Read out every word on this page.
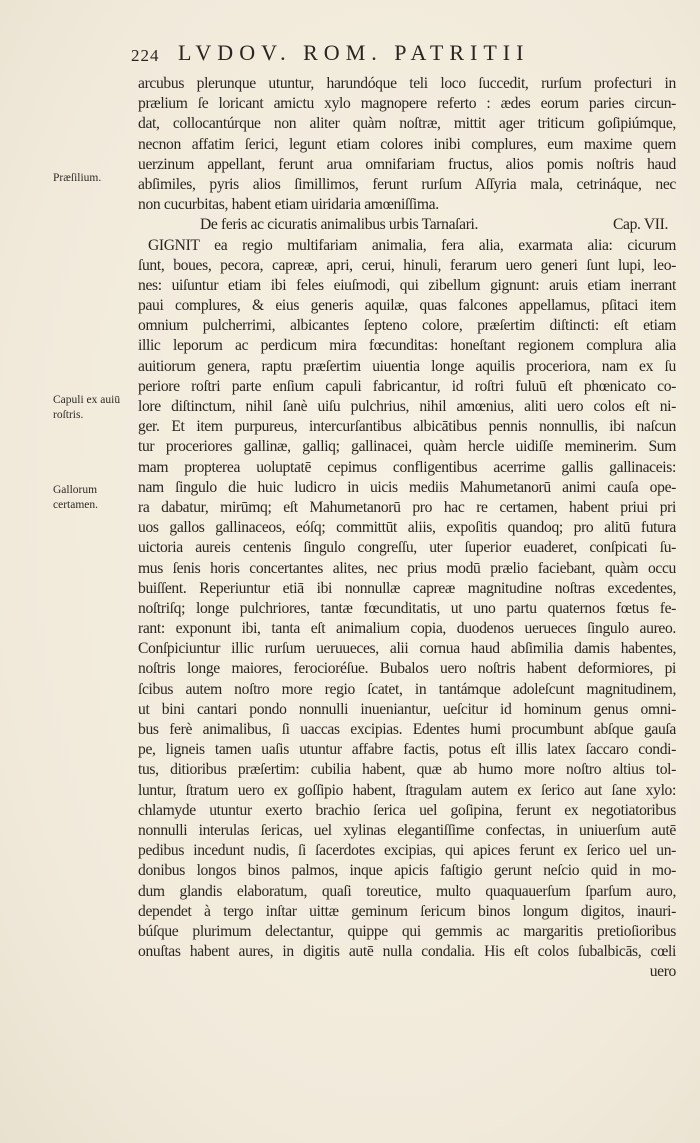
224 LVDOV. ROM. PATRITII
Præſilium.
Capuli ex auiū roſtris.
Gallorum certamen.
arcubus plerunque utuntur, harundóque teli loco ſuccedit, rurſum profecturi in
prælium ſe loricant amictu xylo magnopere referto : ædes eorum paries circun-
dat, collocantúrque non aliter quàm noſtræ, mittit ager triticum goſipiúmque,
necnon affatim ſerici, legunt etiam colores inibi complures, eum maxime quem
uerzinum appellant, ferunt arua omnifariam fructus, alios pomis noſtris haud
abſimiles, pyris alios ſimillimos, ferunt rurſum Aſſyria mala, cetrináque, nec
non cucurbitas, habent etiam uiridaria amœniſſima.
De feris ac cicuratis animalibus urbis Tarnaſari.	Cap. VII.
GIGNIT ea regio multifariam animalia, fera alia, exarmata alia: cicurum
ſunt, boues, pecora, capreæ, apri, cerui, hinuli, ferarum uero generi ſunt lupi, leo-
nes: uiſuntur etiam ibi feles eiuſmodi, qui zibellum gignunt: aruis etiam inerrant
paui complures, & eius generis aquilæ, quas falcones appellamus, pſitaci item
omnium pulcherrimi, albicantes ſepteno colore, præſertim diſtincti: eſt etiam
illic leporum ac perdicum mira fœcunditas: honeſtant regionem complura alia
auitiorum genera, raptu præſertim uiuentia longe aquilis proceriora, nam ex ſu
periore roſtri parte enſium capuli fabricantur, id roſtri fuluū eſt phœnicato co-
lore diſtinctum, nihil ſanè uiſu pulchrius, nihil amœnius, aliti uero colos eſt ni-
ger. Et item purpureus, intercurſantibus albicātibus pennis nonnullis, ibi naſcun
tur proceriores gallinæ, galliq; gallinacei, quàm hercle uidiſſe meminerim. Sum
mam propterea uoluptatē cepimus confligentibus acerrime gallis gallinaceis:
nam ſingulo die huic ludicro in uicis mediis Mahumetanorū animi cauſa ope-
ra dabatur, mirūmq; eſt Mahumetanorū pro hac re certamen, habent priui pri
uos gallos gallinaceos, eóſq; committūt aliis, expoſitis quandoq; pro alitū futura
uictoria aureis centenis ſingulo congreſſu, uter ſuperior euaderet, conſpicati ſu-
mus ſenis horis concertantes alites, nec prius modū prælio faciebant, quàm occu
buiſſent. Reperiuntur etiā ibi nonnullæ capreæ magnitudine noſtras excedentes,
noſtriſq; longe pulchriores, tantæ fœcunditatis, ut uno partu quaternos fœtus fe-
rant: exponunt ibi, tanta eſt animalium copia, duodenos uerueces ſingulo aureo.
Conſpiciuntur illic rurſum ueruueces, alii cornua haud abſimilia damis habentes,
noſtris longe maiores, ferocioréſue. Bubalos uero noſtris habent deformiores, pi
ſcibus autem noſtro more regio ſcatet, in tantámque adoleſcunt magnitudinem,
ut bini cantari pondo nonnulli inueniantur, ueſcitur id hominum genus omni-
bus ferè animalibus, ſi uaccas excipias. Edentes humi procumbunt abſque gauſa
pe, ligneis tamen uaſis utuntur affabre factis, potus eſt illis latex ſaccaro condi-
tus, ditioribus præſertim: cubilia habent, quæ ab humo more noſtro altius tol-
luntur, ſtratum uero ex goſſipio habent, ſtragulam autem ex ſerico aut ſane xylo:
chlamyde utuntur exerto brachio ſerica uel goſipina, ferunt ex negotiatoribus
nonnulli interulas ſericas, uel xylinas elegantiſſime confectas, in uniuerſum autē
pedibus incedunt nudis, ſi ſacerdotes excipias, qui apices ferunt ex ſerico uel un-
donibus longos binos palmos, inque apicis faſtigio gerunt neſcio quid in mo-
dum glandis elaboratum, quaſi toreutice, multo quaquauerſum ſparſum auro,
dependet à tergo inſtar uittæ geminum ſericum binos longum digitos, inauri-
búſque plurimum delectantur, quippe qui gemmis ac margaritis pretioſioribus
onuſtas habent aures, in digitis autē nulla condalia. His eſt colos ſubalbicās, cœli
uero
